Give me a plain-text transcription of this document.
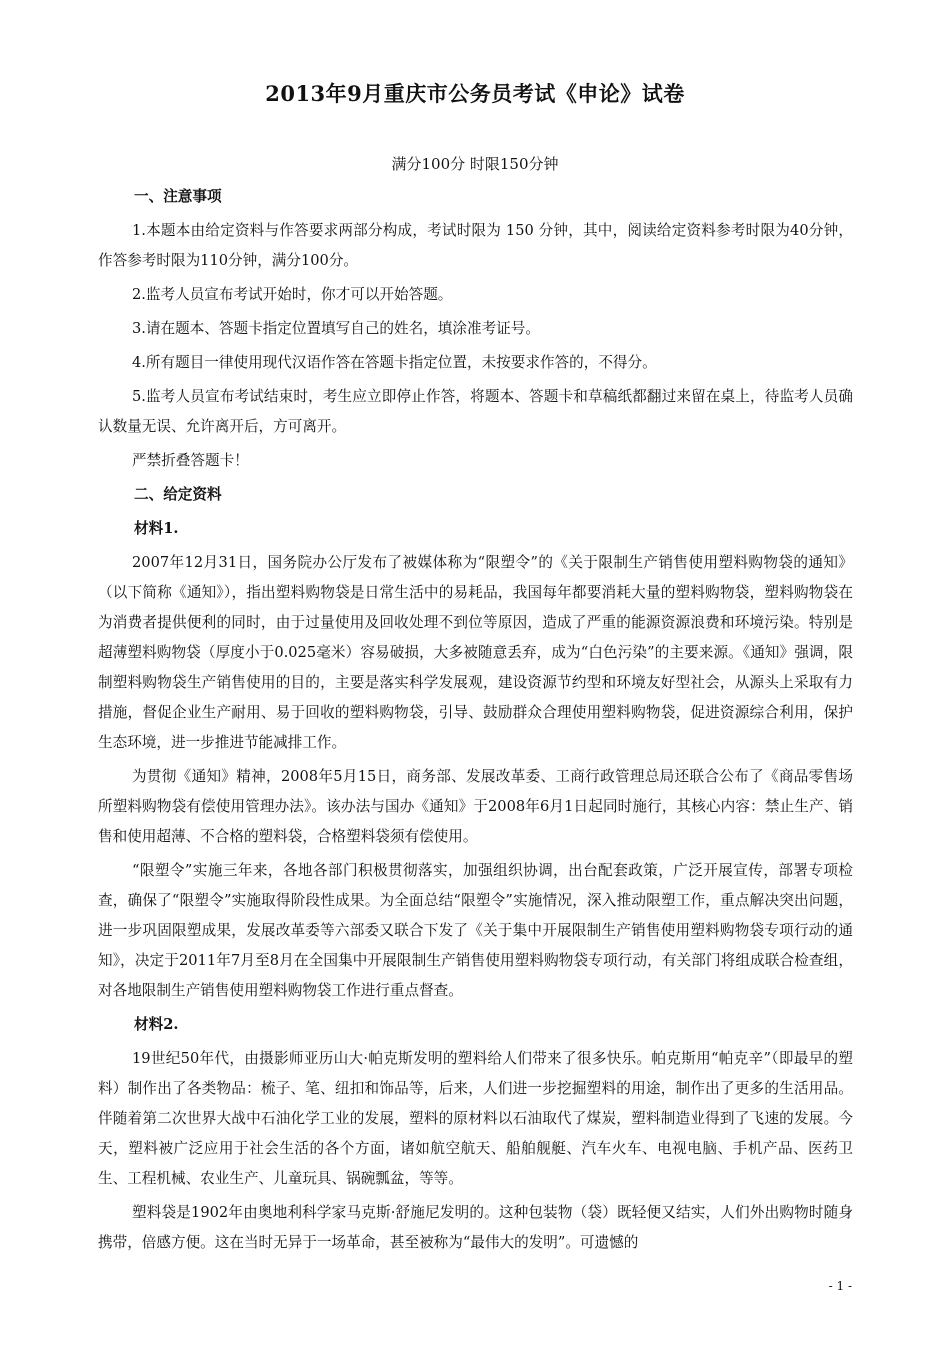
2013年9月重庆市公务员考试《申论》试卷
满分100分 时限150分钟

一、注意事项

1.本题本由给定资料与作答要求两部分构成，考试时限为 150 分钟，其中，阅读给定资料参考时限为40分钟，作答参考时限为110分钟，满分100分。

2.监考人员宣布考试开始时，你才可以开始答题。

3.请在题本、答题卡指定位置填写自己的姓名，填涂准考证号。

4.所有题目一律使用现代汉语作答在答题卡指定位置，未按要求作答的，不得分。

5.监考人员宣布考试结束时，考生应立即停止作答，将题本、答题卡和草稿纸都翻过来留在桌上，待监考人员确认数量无误、允许离开后，方可离开。

严禁折叠答题卡！

二、给定资料

材料1.

2007年12月31日，国务院办公厅发布了被媒体称为“限塑令”的《关于限制生产销售使用塑料购物袋的通知》（以下简称《通知》），指出塑料购物袋是日常生活中的易耗品，我国每年都要消耗大量的塑料购物袋，塑料购物袋在为消费者提供便利的同时，由于过量使用及回收处理不到位等原因，造成了严重的能源资源浪费和环境污染。特别是超薄塑料购物袋（厚度小于0.025毫米）容易破损，大多被随意丢弃，成为“白色污染”的主要来源。《通知》强调，限制塑料购物袋生产销售使用的目的，主要是落实科学发展观，建设资源节约型和环境友好型社会，从源头上采取有力措施，督促企业生产耐用、易于回收的塑料购物袋，引导、鼓励群众合理使用塑料购物袋，促进资源综合利用，保护生态环境，进一步推进节能减排工作。

为贯彻《通知》精神，2008年5月15日，商务部、发展改革委、工商行政管理总局还联合公布了《商品零售场所塑料购物袋有偿使用管理办法》。该办法与国办《通知》于2008年6月1日起同时施行，其核心内容：禁止生产、销售和使用超薄、不合格的塑料袋，合格塑料袋须有偿使用。

“限塑令”实施三年来，各地各部门积极贯彻落实，加强组织协调，出台配套政策，广泛开展宣传，部署专项检查，确保了“限塑令”实施取得阶段性成果。为全面总结“限塑令”实施情况，深入推动限塑工作，重点解决突出问题，进一步巩固限塑成果，发展改革委等六部委又联合下发了《关于集中开展限制生产销售使用塑料购物袋专项行动的通知》，决定于2011年7月至8月在全国集中开展限制生产销售使用塑料购物袋专项行动，有关部门将组成联合检查组，对各地限制生产销售使用塑料购物袋工作进行重点督查。

材料2.

19世纪50年代，由摄影师亚历山大·帕克斯发明的塑料给人们带来了很多快乐。帕克斯用“帕克辛”（即最早的塑料）制作出了各类物品：梳子、笔、纽扣和饰品等，后来，人们进一步挖掘塑料的用途，制作出了更多的生活用品。伴随着第二次世界大战中石油化学工业的发展，塑料的原材料以石油取代了煤炭，塑料制造业得到了飞速的发展。今天，塑料被广泛应用于社会生活的各个方面，诸如航空航天、船舶舰艇、汽车火车、电视电脑、手机产品、医药卫生、工程机械、农业生产、儿童玩具、锅碗瓢盆，等等。

塑料袋是1902年由奥地利科学家马克斯·舒施尼发明的。这种包装物（袋）既轻便又结实，人们外出购物时随身携带，倍感方便。这在当时无异于一场革命，甚至被称为“最伟大的发明”。可遗憾的

- 1 -
